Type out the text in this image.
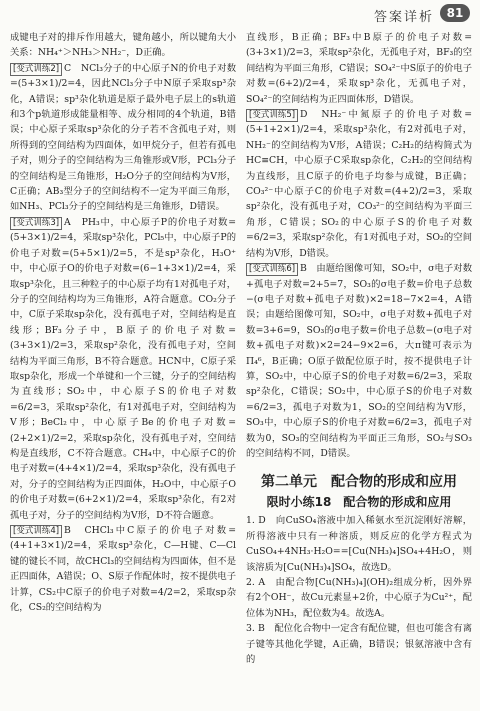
答案详析	81

成键电子对的排斥作用越大，键角越小，所以键角大小关系：NH₄⁺＞NH₃＞NH₂⁻，D正确。

[变式训练2] C　NCl₃分子的中心原子N的价电子对数=(5+3×1)/2=4，因此NCl₃分子中N原子采取sp³杂化，A错误；sp³杂化轨道是原子最外电子层上的s轨道和3个p轨道形成能量相等、成分相同的4个轨道，B错误；中心原子采取sp³杂化的分子若不含孤电子对，则所得到的空间结构为四面体，如甲烷分子，但若有孤电子对，则分子的空间结构为三角锥形或V形，PCl₃分子的空间结构是三角锥形，H₂O分子的空间结构为V形，C正确；AB₃型分子的空间结构不一定为平面三角形，如NH₃、PCl₃分子的空间结构是三角锥形，D错误。

[变式训练3] A　PH₃中，中心原子P的价电子对数=(5+3×1)/2=4，采取sp³杂化，PCl₅中，中心原子P的价电子对数=(5+5×1)/2=5，不是sp³杂化，H₃O⁺中，中心原子O的价电子对数=(6−1+3×1)/2=4，采取sp³杂化，且三种粒子的中心原子均有1对孤电子对，分子的空间结构均为三角锥形，A符合题意。CO₂分子中，C原子采取sp杂化，没有孤电子对，空间结构是直线形；BF₃分子中，B原子的价电子对数=(3+3×1)/2=3，采取sp²杂化，没有孤电子对，空间结构为平面三角形，B不符合题意。HCN中，C原子采取sp杂化，形成一个单键和一个三键，分子的空间结构为直线形；SO₂中，中心原子S的价电子对数=6/2=3，采取sp²杂化，有1对孤电子对，空间结构为V形；BeCl₂中，中心原子Be的价电子对数=(2+2×1)/2=2，采取sp杂化，没有孤电子对，空间结构是直线形，C不符合题意。CH₄中，中心原子C的价电子对数=(4+4×1)/2=4，采取sp³杂化，没有孤电子对，分子的空间结构为正四面体，H₂O中，中心原子O的价电子对数=(6+2×1)/2=4，采取sp³杂化，有2对孤电子对，分子的空间结构为V形，D不符合题意。

[变式训练4] B　CHCl₃中C原子的价电子对数=(4+1+3×1)/2=4，采取sp³杂化，C—H键、C—Cl键的键长不同，故CHCl₃的空间结构为四面体，但不是正四面体，A错误；O、S原子作配体时，按不提供电子计算，CS₂中C原子的价电子对数=4/2=2，采取sp杂化，CS₂的空间结构为

直线形，B正确；BF₃中B原子的价电子对数=(3+3×1)/2=3，采取sp²杂化，无孤电子对，BF₃的空间结构为平面三角形，C错误；SO₄²⁻中S原子的价电子对数=(6+2)/2=4，采取sp³杂化，无孤电子对，SO₄²⁻的空间结构为正四面体形，D错误。

[变式训练5] D　NH₂⁻中氮原子的价电子对数=(5+1+2×1)/2=4，采取sp³杂化，有2对孤电子对，NH₂⁻的空间结构为V形，A错误；C₂H₂的结构简式为HC≡CH，中心原子C采取sp杂化，C₂H₂的空间结构为直线形，且C原子的价电子均参与成键，B正确；CO₃²⁻中心原子C的价电子对数=(4+2)/2=3，采取sp²杂化，没有孤电子对，CO₃²⁻的空间结构为平面三角形，C错误；SO₂的中心原子S的价电子对数=6/2=3，采取sp²杂化，有1对孤电子对，SO₂的空间结构为V形，D错误。

[变式训练6] B　由题给图像可知，SO₂中，σ电子对数+孤电子对数=2+5=7，SO₃的σ电子数=价电子总数−(σ电子对数+孤电子对数)×2=18−7×2=4，A错误；由题给图像可知，SO₂中，σ电子对数+孤电子对数=3+6=9，SO₃的σ电子数=价电子总数−(σ电子对数+孤电子对数)×2=24−9×2=6，大π键可表示为Π₄⁶，B正确；O原子做配位原子时，按不提供电子计算，SO₂中，中心原子S的价电子对数=6/2=3，采取sp²杂化，C错误；SO₂中，中心原子S的价电子对数=6/2=3，孤电子对数为1，SO₂的空间结构为V形，SO₃中，中心原子S的价电子对数=6/2=3，孤电子对数为0，SO₃的空间结构为平面正三角形，SO₂与SO₃的空间结构不同，D错误。

第二单元　配合物的形成和应用
限时小练18　配合物的形成和应用

1. D　向CuSO₄溶液中加入稀氨水至沉淀刚好溶解，所得溶液中只有一种溶质，则反应的化学方程式为CuSO₄+4NH₃·H₂O==[Cu(NH₃)₄]SO₄+4H₂O，则该溶质为[Cu(NH₃)₄]SO₄，故选D。

2. A　由配合物[Cu(NH₃)₄](OH)₂组成分析，因外界有2个OH⁻，故Cu元素显+2价，中心原子为Cu²⁺，配位体为NH₃，配位数为4。故选A。

3. B　配位化合物中一定含有配位键，但也可能含有离子键等其他化学键，A正确，B错误；银氨溶液中含有的
